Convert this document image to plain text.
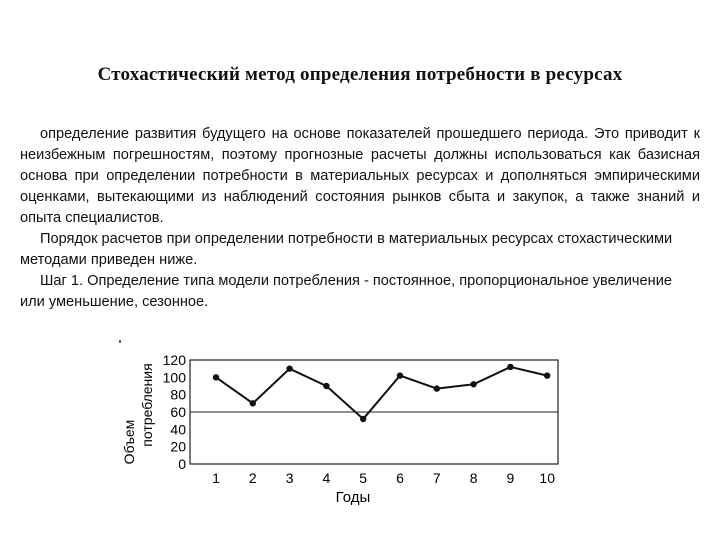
Стохастический метод определения потребности в ресурсах

определение развития будущего на основе показателей прошедшего периода. Это приводит к неизбежным погрешностям, поэтому прогнозные расчеты должны использоваться как базисная основа при определении потребности в материальных ресурсах и дополняться эмпирическими оценками, вытекающими из наблюдений состояния рынков сбыта и закупок, а также знаний и опыта специалистов.

Порядок расчетов при определении потребности в материальных ресурсах стохастическими методами приведен ниже.

Шаг 1. Определение типа модели потребления - постоянное, пропорциональное увеличение или уменьшение, сезонное.

Объем потребления
120
100
80
60
40
20
0
1 2 3 4 5 6 7 8 9 10
Годы
